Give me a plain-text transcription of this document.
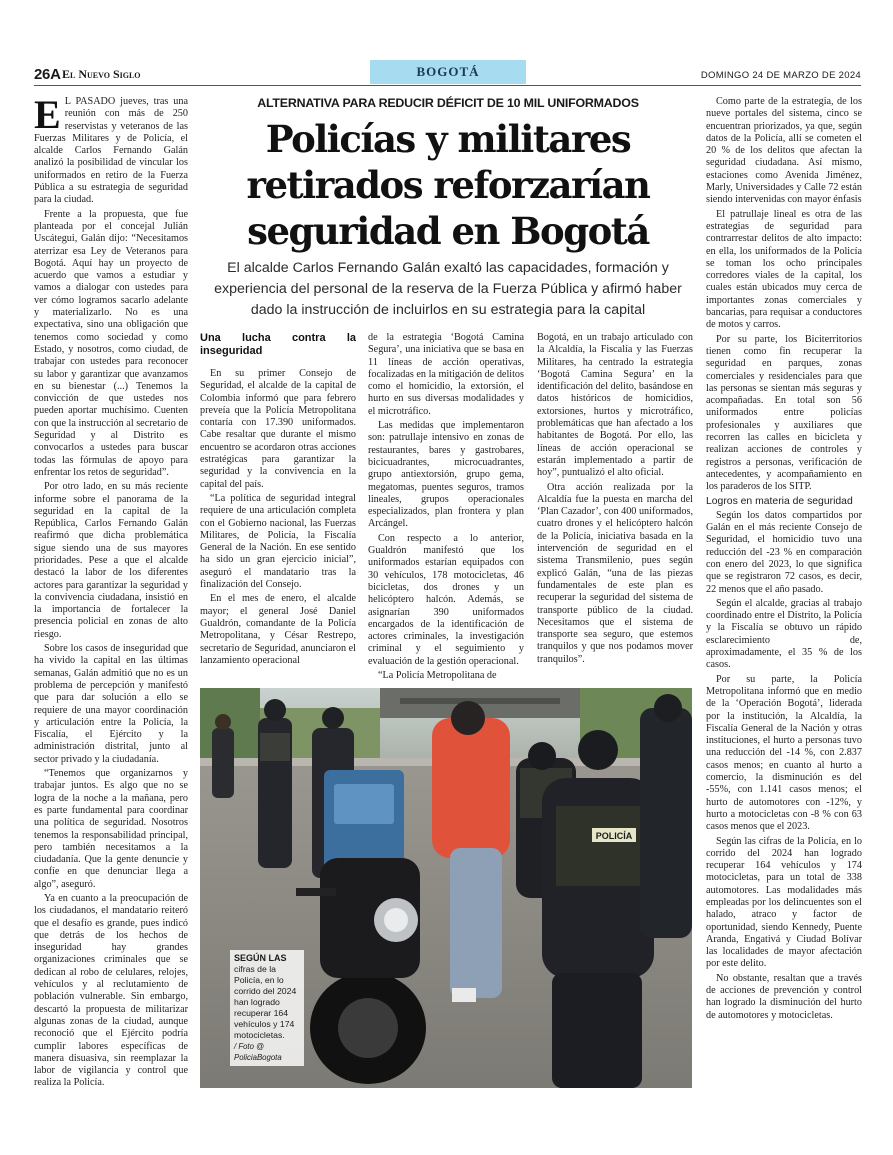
26A El Nuevo Siglo	BOGOTÁ	DOMINGO 24 DE MARZO DE 2024
ALTERNATIVA PARA REDUCIR DÉFICIT DE 10 MIL UNIFORMADOS
Policías y militares retirados reforzarían seguridad en Bogotá
El alcalde Carlos Fernando Galán exaltó las capacidades, formación y experiencia del personal de la reserva de la Fuerza Pública y afirmó haber dado la instrucción de incluirlos en su estrategia para la capital

E L PASADO jueves, tras una reunión con más de 250 reservistas y veteranos de las Fuerzas Militares y de Policía, el alcalde Carlos Fernando Galán analizó la posibilidad de vincular los uniformados en retiro de la Fuerza Pública a su estrategia de seguridad para la ciudad.

Frente a la propuesta, que fue planteada por el concejal Julián Uscátegui, Galán dijo: “Necesitamos aterrizar esa Ley de Veteranos para Bogotá. Aquí hay un proyecto de acuerdo que vamos a estudiar y vamos a dialogar con ustedes para ver cómo logramos sacarlo adelante y materializarlo. No es una expectativa, sino una obligación que tenemos como sociedad y como Estado, y nosotros, como ciudad, de trabajar con ustedes para reconocer su labor y garantizar que avanzamos en su bienestar (...) Tenemos la convicción de que ustedes nos pueden aportar muchísimo. Cuenten con que la instrucción al secretario de Seguridad y al Distrito es convocarlos a ustedes para buscar todas las fórmulas de apoyo para enfrentar los retos de seguridad”.

Por otro lado, en su más reciente informe sobre el panorama de la seguridad en la capital de la República, Carlos Fernando Galán reafirmó que dicha problemática sigue siendo una de sus mayores prioridades. Pese a que el alcalde destacó la labor de los diferentes actores para garantizar la seguridad y la convivencia ciudadana, insistió en la importancia de fortalecer la presencia policial en zonas de alto riesgo.

Sobre los casos de inseguridad que ha vivido la capital en las últimas semanas, Galán admitió que no es un problema de percepción y manifestó que para dar solución a ello se requiere de una mayor coordinación y articulación entre la Policía, la Fiscalía, el Ejército y la administración distrital, junto al sector privado y la ciudadanía.

“Tenemos que organizarnos y trabajar juntos. Es algo que no se logra de la noche a la mañana, pero es parte fundamental para coordinar una política de seguridad. Nosotros tenemos la responsabilidad principal, pero también necesitamos a la ciudadanía. Que la gente denuncie y confíe en que denunciar llega a algo”, aseguró.

Ya en cuanto a la preocupación de los ciudadanos, el mandatario reiteró que el desafío es grande, pues indicó que detrás de los hechos de inseguridad hay grandes organizaciones criminales que se dedican al robo de celulares, relojes, vehículos y al reclutamiento de población vulnerable. Sin embargo, descartó la propuesta de militarizar algunas zonas de la ciudad, aunque reconoció que el Ejército podría cumplir labores específicas de manera disuasiva, sin reemplazar la labor de vigilancia y control que realiza la Policía.

Una lucha contra la inseguridad

En su primer Consejo de Seguridad, el alcalde de la capital de Colombia informó que para febrero preveía que la Policía Metropolitana contaría con 17.390 uniformados. Cabe resaltar que durante el mismo encuentro se acordaron otras acciones estratégicas para garantizar la seguridad y la convivencia en la capital del país.

“La política de seguridad integral requiere de una articulación completa con el Gobierno nacional, las Fuerzas Militares, de Policía, la Fiscalía General de la Nación. En ese sentido ha sido un gran ejercicio inicial”, aseguró el mandatario tras la finalización del Consejo.

En el mes de enero, el alcalde mayor; el general José Daniel Gualdrón, comandante de la Policía Metropolitana, y César Restrepo, secretario de Seguridad, anunciaron el lanzamiento operacional

de la estrategia ‘Bogotá Camina Segura’, una iniciativa que se basa en 11 líneas de acción operativas, focalizadas en la mitigación de delitos como el homicidio, la extorsión, el hurto en sus diversas modalidades y el microtráfico.

Las medidas que implementaron son: patrullaje intensivo en zonas de restaurantes, bares y gastrobares, bicicuadrantes, microcuadrantes, grupo antiextorsión, grupo gema, megatomas, puentes seguros, tramos lineales, grupos operacionales especializados, plan frontera y plan Arcángel.

Con respecto a lo anterior, Gualdrón manifestó que los uniformados estarían equipados con 30 vehículos, 178 motocicletas, 46 bicicletas, dos drones y un helicóptero halcón. Además, se asignarían 390 uniformados encargados de la identificación de actores criminales, la investigación criminal y el seguimiento y evaluación de la gestión operacional.

“La Policía Metropolitana de

Bogotá, en un trabajo articulado con la Alcaldía, la Fiscalía y las Fuerzas Militares, ha centrado la estrategia ‘Bogotá Camina Segura’ en la identificación del delito, basándose en datos históricos de homicidios, extorsiones, hurtos y microtráfico, problemáticas que han afectado a los habitantes de Bogotá. Por ello, las líneas de acción operacional se estarán implementado a partir de hoy”, puntualizó el alto oficial.

Otra acción realizada por la Alcaldía fue la puesta en marcha del ‘Plan Cazador’, con 400 uniformados, cuatro drones y el helicóptero halcón de la Policía, iniciativa basada en la intervención de seguridad en el sistema Transmilenio, pues según explicó Galán, “una de las piezas fundamentales de este plan es recuperar la seguridad del sistema de transporte público de la ciudad. Necesitamos que el sistema de transporte sea seguro, que estemos tranquilos y que nos podamos mover tranquilos”.

Como parte de la estrategia, de los nueve portales del sistema, cinco se encuentran priorizados, ya que, según datos de la Policía, allí se cometen el 20 % de los delitos que afectan la seguridad ciudadana. Así mismo, estaciones como Avenida Jiménez, Marly, Universidades y Calle 72 están siendo intervenidas con mayor énfasis

El patrullaje lineal es otra de las estrategias de seguridad para contrarrestar delitos de alto impacto: en ella, los uniformados de la Policía se toman los ocho principales corredores viales de la capital, los cuales están ubicados muy cerca de importantes zonas comerciales y bancarias, para requisar a conductores de motos y carros.

Por su parte, los Biciterritorios tienen como fin recuperar la seguridad en parques, zonas comerciales y residenciales para que las personas se sientan más seguras y acompañadas. En total son 56 uniformados entre policías profesionales y auxiliares que recorren las calles en bicicleta y realizan acciones de controles y registros a personas, verificación de antecedentes, y acompañamiento en los paraderos de los SITP.

Logros en materia de seguridad

Según los datos compartidos por Galán en el más reciente Consejo de Seguridad, el homicidio tuvo una reducción del -23 % en comparación con enero del 2023, lo que significa que se registraron 72 casos, es decir, 22 menos que el año pasado.

Según el alcalde, gracias al trabajo coordinado entre el Distrito, la Policía y la Fiscalía se obtuvo un rápido esclarecimiento de, aproximadamente, el 35 % de los casos.

Por su parte, la Policía Metropolitana informó que en medio de la ‘Operación Bogotá’, liderada por la institución, la Alcaldía, la Fiscalía General de la Nación y otras instituciones, el hurto a personas tuvo una reducción del -14 %, con 2.837 casos menos; en cuanto al hurto a comercio, la disminución es del -55%, con 1.141 casos menos; el hurto de automotores con -12%, y hurto a motocicletas con -8 % con 63 casos menos que el 2023.

Según las cifras de la Policía, en lo corrido del 2024 han logrado recuperar 164 vehículos y 174 motocicletas, para un total de 338 automotores. Las modalidades más empleadas por los delincuentes son el halado, atraco y factor de oportunidad, siendo Kennedy, Puente Aranda, Engativá y Ciudad Bolívar las localidades de mayor afectación por este delito.

No obstante, resaltan que a través de acciones de prevención y control han logrado la disminución del hurto de automotores y motocicletas.

POLICÍA
SEGÚN LAS
cifras de la Policía, en lo corrido del 2024 han logrado recuperar 164 vehículos y 174 motocicletas.
/ Foto @ PoliciaBogota
